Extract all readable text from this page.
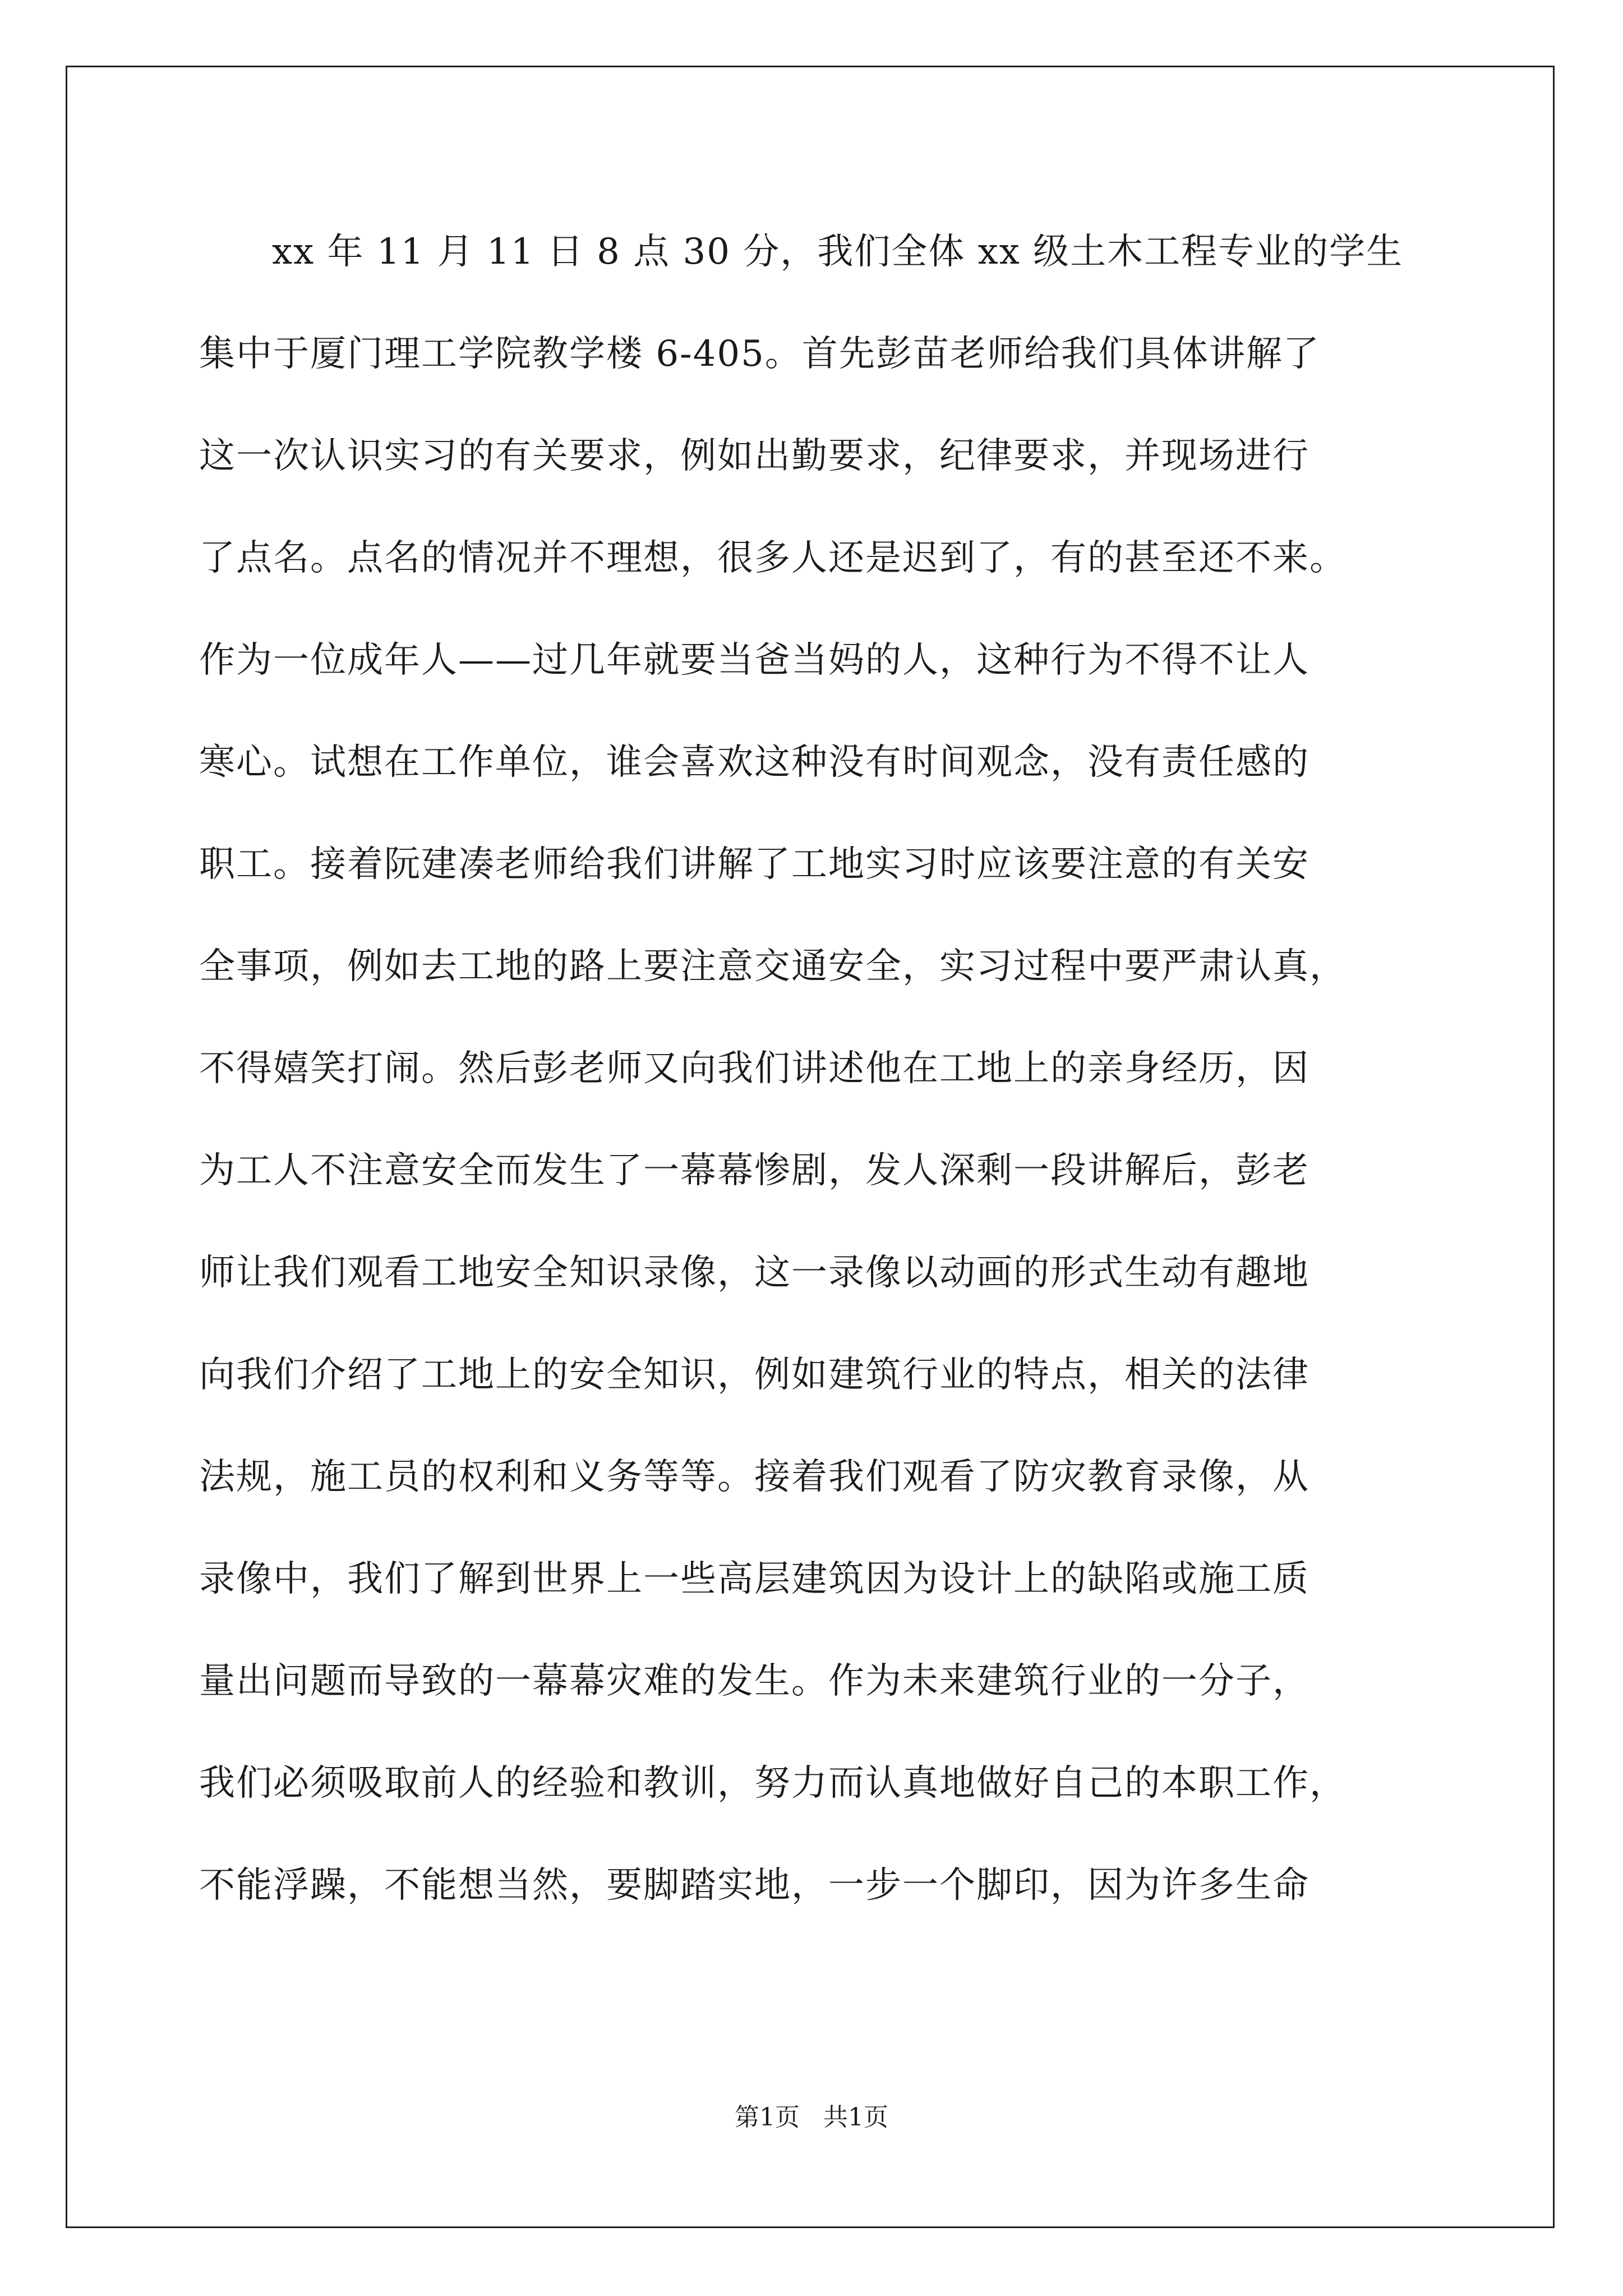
xx 年 11 月 11 日 8 点 30 分，我们全体 xx 级土木工程专业的学生
集中于厦门理工学院教学楼 6-405。首先彭苗老师给我们具体讲解了
这一次认识实习的有关要求，例如出勤要求，纪律要求，并现场进行
了点名。点名的情况并不理想，很多人还是迟到了，有的甚至还不来。
作为一位成年人——过几年就要当爸当妈的人，这种行为不得不让人
寒心。试想在工作单位，谁会喜欢这种没有时间观念，没有责任感的
职工。接着阮建凑老师给我们讲解了工地实习时应该要注意的有关安
全事项，例如去工地的路上要注意交通安全，实习过程中要严肃认真，
不得嬉笑打闹。然后彭老师又向我们讲述他在工地上的亲身经历，因
为工人不注意安全而发生了一幕幕惨剧，发人深剩一段讲解后，彭老
师让我们观看工地安全知识录像，这一录像以动画的形式生动有趣地
向我们介绍了工地上的安全知识，例如建筑行业的特点，相关的法律
法规，施工员的权利和义务等等。接着我们观看了防灾教育录像，从
录像中，我们了解到世界上一些高层建筑因为设计上的缺陷或施工质
量出问题而导致的一幕幕灾难的发生。作为未来建筑行业的一分子，
我们必须吸取前人的经验和教训，努力而认真地做好自己的本职工作，
不能浮躁，不能想当然，要脚踏实地，一步一个脚印，因为许多生命
第1页   共1页
